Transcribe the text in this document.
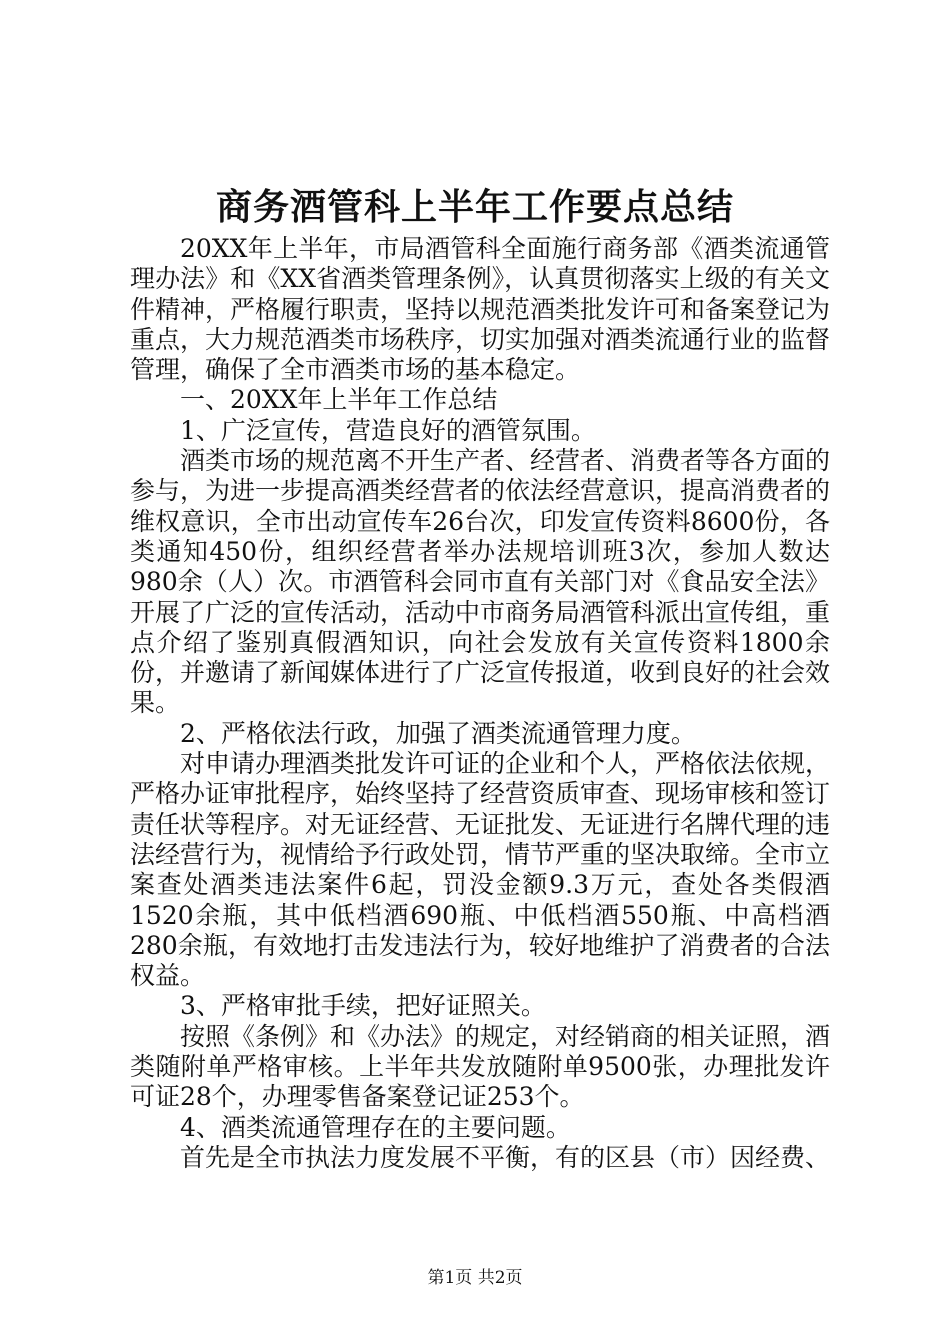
商务酒管科上半年工作要点总结

20XX年上半年，市局酒管科全面施行商务部《酒类流通管理办法》和《XX省酒类管理条例》，认真贯彻落实上级的有关文件精神，严格履行职责，坚持以规范酒类批发许可和备案登记为重点，大力规范酒类市场秩序，切实加强对酒类流通行业的监督管理，确保了全市酒类市场的基本稳定。

一、20XX年上半年工作总结

1、广泛宣传，营造良好的酒管氛围。

酒类市场的规范离不开生产者、经营者、消费者等各方面的参与，为进一步提高酒类经营者的依法经营意识，提高消费者的维权意识，全市出动宣传车26台次，印发宣传资料8600份，各类通知450份，组织经营者举办法规培训班3次，参加人数达980余（人）次。市酒管科会同市直有关部门对《食品安全法》开展了广泛的宣传活动，活动中市商务局酒管科派出宣传组，重点介绍了鉴别真假酒知识，向社会发放有关宣传资料1800余份，并邀请了新闻媒体进行了广泛宣传报道，收到良好的社会效果。

2、严格依法行政，加强了酒类流通管理力度。

对申请办理酒类批发许可证的企业和个人，严格依法依规，严格办证审批程序，始终坚持了经营资质审查、现场审核和签订责任状等程序。对无证经营、无证批发、无证进行名牌代理的违法经营行为，视情给予行政处罚，情节严重的坚决取缔。全市立案查处酒类违法案件6起，罚没金额9.3万元，查处各类假酒1520余瓶，其中低档酒690瓶、中低档酒550瓶、中高档酒280余瓶，有效地打击发违法行为，较好地维护了消费者的合法权益。

3、严格审批手续，把好证照关。

按照《条例》和《办法》的规定，对经销商的相关证照，酒类随附单严格审核。上半年共发放随附单9500张，办理批发许可证28个，办理零售备案登记证253个。

4、酒类流通管理存在的主要问题。

首先是全市执法力度发展不平衡，有的区县（市）因经费、

第1页 共2页
